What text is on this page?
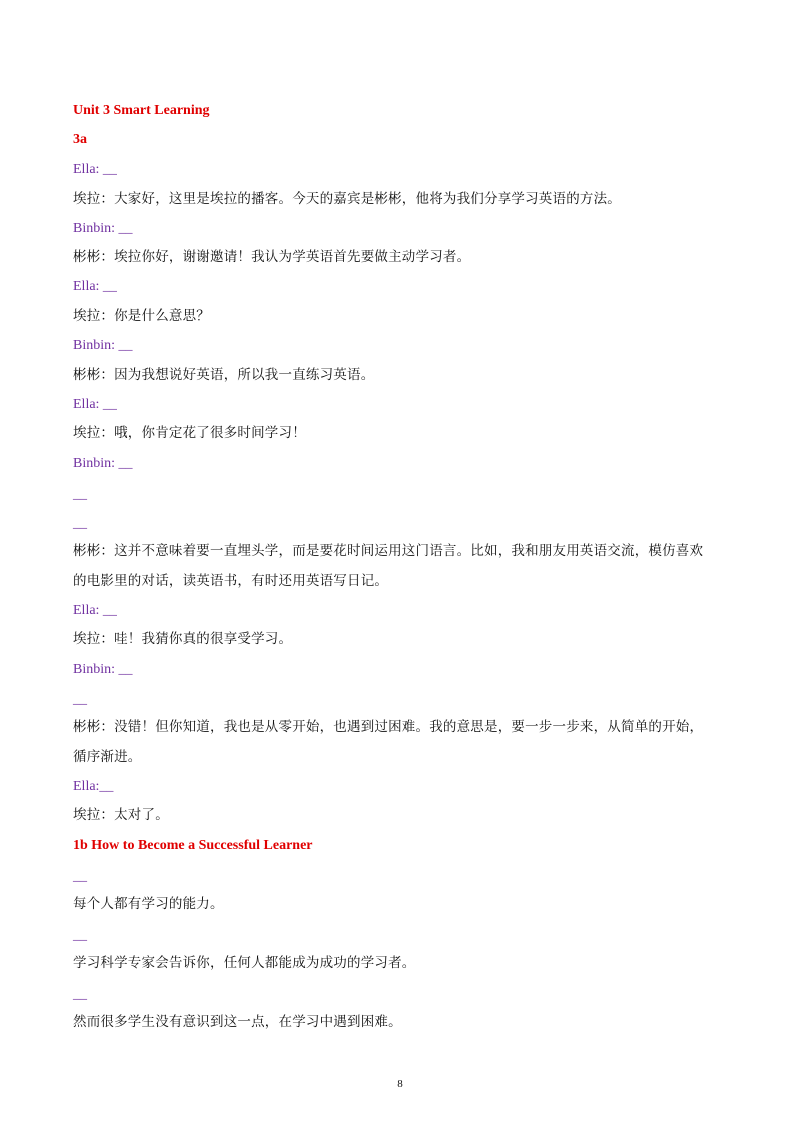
Unit 3 Smart Learning
3a
Ella: __
埃拉：大家好，这里是埃拉的播客。今天的嘉宾是彬彬，他将为我们分享学习英语的方法。
Binbin: __
彬彬：埃拉你好，谢谢邀请！我认为学英语首先要做主动学习者。
Ella: __
埃拉：你是什么意思？
Binbin: __
彬彬：因为我想说好英语，所以我一直练习英语。
Ella: __
埃拉：哦，你肯定花了很多时间学习！
Binbin: __
__
__
彬彬：这并不意味着要一直埋头学，而是要花时间运用这门语言。比如，我和朋友用英语交流，模仿喜欢
的电影里的对话，读英语书，有时还用英语写日记。
Ella: __
埃拉：哇！我猜你真的很享受学习。
Binbin: __
__
彬彬：没错！但你知道，我也是从零开始，也遇到过困难。我的意思是，要一步一步来，从简单的开始，
循序渐进。
Ella:__
埃拉：太对了。
1b How to Become a Successful Learner
__
每个人都有学习的能力。
__
学习科学专家会告诉你，任何人都能成为成功的学习者。
__
然而很多学生没有意识到这一点，在学习中遇到困难。
8
